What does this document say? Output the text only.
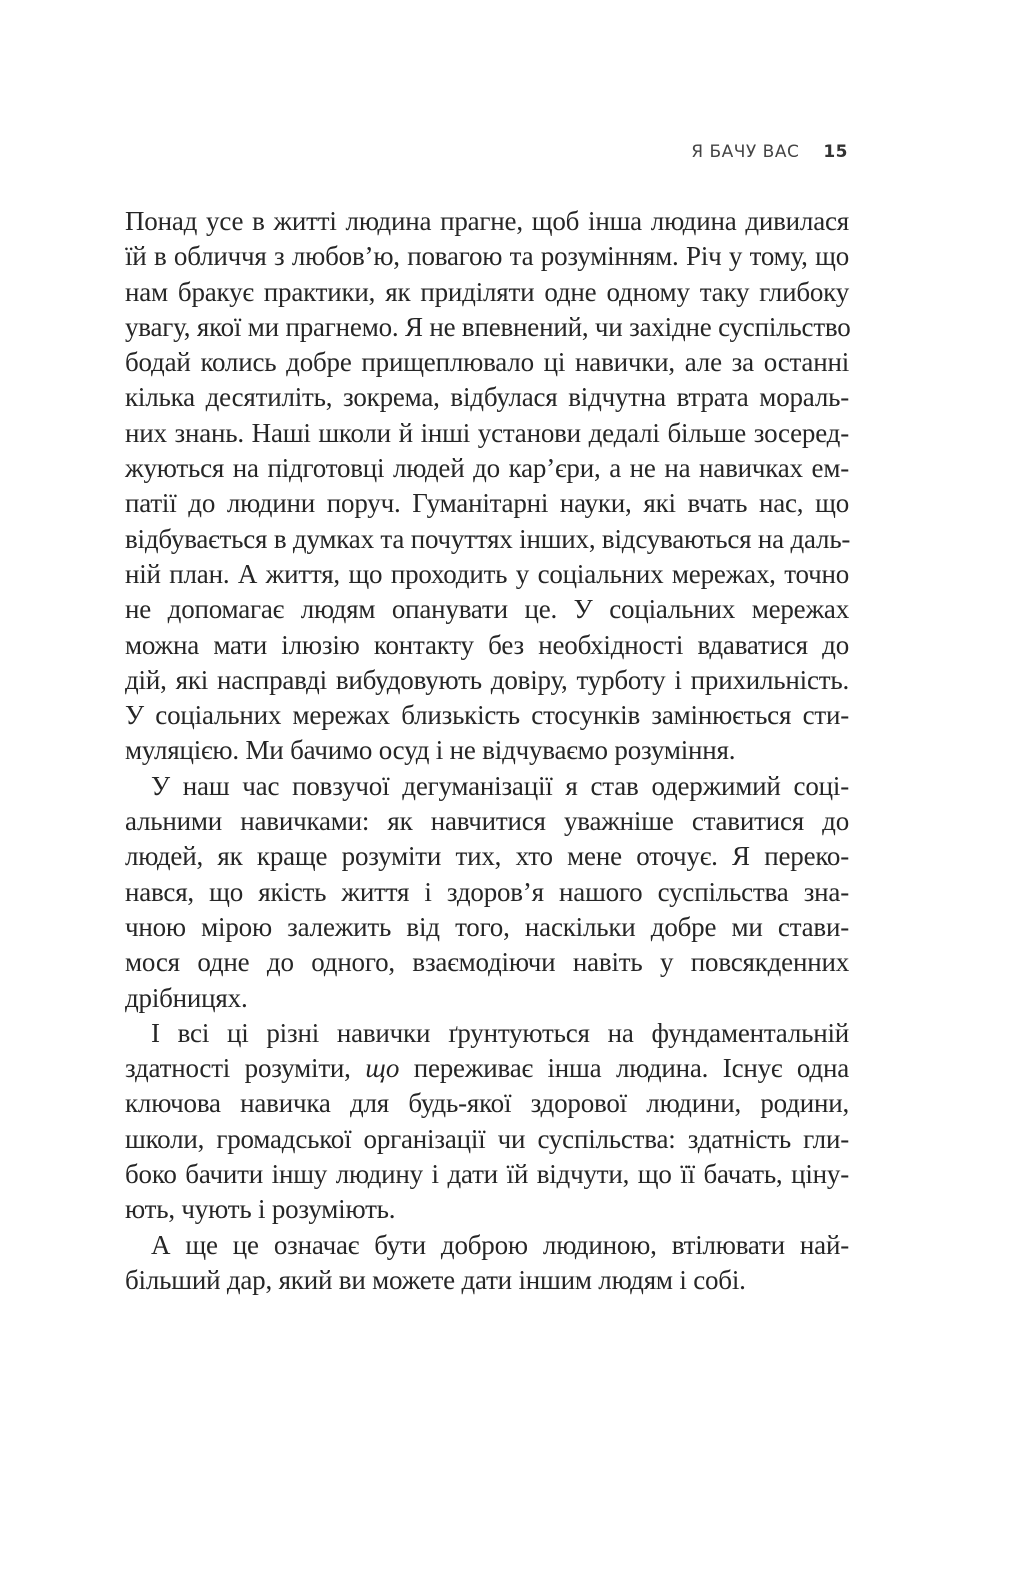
Я БАЧУ ВАС 15
Понад усе в житті людина прагне, щоб інша людина дивилася
їй в обличчя з любов’ю, повагою та розумінням. Річ у тому, що
нам бракує практики, як приділяти одне одному таку глибоку
увагу, якої ми прагнемо. Я не впевнений, чи західне суспільство
бодай колись добре прищеплювало ці навички, але за останні
кілька десятиліть, зокрема, відбулася відчутна втрата мораль-
них знань. Наші школи й інші установи дедалі більше зосеред-
жуються на підготовці людей до кар’єри, а не на навичках ем-
патії до людини поруч. Гуманітарні науки, які вчать нас, що
відбувається в думках та почуттях інших, відсуваються на даль-
ній план. А життя, що проходить у соціальних мережах, точно
не допомагає людям опанувати це. У соціальних мережах
можна мати ілюзію контакту без необхідності вдаватися до
дій, які насправді вибудовують довіру, турботу і прихильність.
У соціальних мережах близькість стосунків замінюється сти-
муляцією. Ми бачимо осуд і не відчуваємо розуміння.
У наш час повзучої дегуманізації я став одержимий соці-
альними навичками: як навчитися уважніше ставитися до
людей, як краще розуміти тих, хто мене оточує. Я переко-
нався, що якість життя і здоров’я нашого суспільства зна-
чною мірою залежить від того, наскільки добре ми стави-
мося одне до одного, взаємодіючи навіть у повсякденних
дрібницях.
І всі ці різні навички ґрунтуються на фундаментальній
здатності розуміти, що переживає інша людина. Існує одна
ключова навичка для будь-якої здорової людини, родини,
школи, громадської організації чи суспільства: здатність гли-
боко бачити іншу людину і дати їй відчути, що її бачать, ціну-
ють, чують і розуміють.
А ще це означає бути доброю людиною, втілювати най-
більший дар, який ви можете дати іншим людям і собі.
